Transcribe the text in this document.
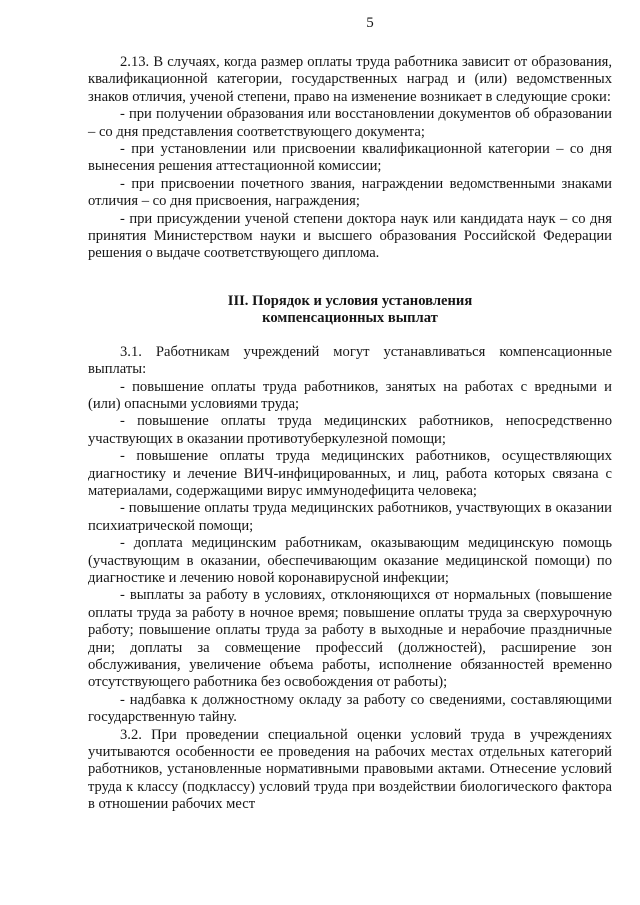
5

2.13. В случаях, когда размер оплаты труда работника зависит от образования, квалификационной категории, государственных наград и (или) ведомственных знаков отличия, ученой степени, право на изменение возникает в следующие сроки:

- при получении образования или восстановлении документов об образовании – со дня представления соответствующего документа;

- при установлении или присвоении квалификационной категории – со дня вынесения решения аттестационной комиссии;

- при присвоении почетного звания, награждении ведомственными знаками отличия – со дня присвоения, награждения;

- при присуждении ученой степени доктора наук или кандидата наук – со дня принятия Министерством науки и высшего образования Российской Федерации решения о выдаче соответствующего диплома.

III. Порядок и условия установления
компенсационных выплат

3.1. Работникам учреждений могут устанавливаться компенсационные выплаты:

- повышение оплаты труда работников, занятых на работах с вредными и (или) опасными условиями труда;

- повышение оплаты труда медицинских работников, непосредственно участвующих в оказании противотуберкулезной помощи;

- повышение оплаты труда медицинских работников, осуществляющих диагностику и лечение ВИЧ-инфицированных, и лиц, работа которых связана с материалами, содержащими вирус иммунодефицита человека;

- повышение оплаты труда медицинских работников, участвующих в оказании психиатрической помощи;

- доплата медицинским работникам, оказывающим медицинскую помощь (участвующим в оказании, обеспечивающим оказание медицинской помощи) по диагностике и лечению новой коронавирусной инфекции;

- выплаты за работу в условиях, отклоняющихся от нормальных (повышение оплаты труда за работу в ночное время; повышение оплаты труда за сверхурочную работу; повышение оплаты труда за работу в выходные и нерабочие праздничные дни; доплаты за совмещение профессий (должностей), расширение зон обслуживания, увеличение объема работы, исполнение обязанностей временно отсутствующего работника без освобождения от работы);

- надбавка к должностному окладу за работу со сведениями, составляющими государственную тайну.

3.2. При проведении специальной оценки условий труда в учреждениях учитываются особенности ее проведения на рабочих местах отдельных категорий работников, установленные нормативными правовыми актами. Отнесение условий труда к классу (подклассу) условий труда при воздействии биологического фактора в отношении рабочих мест
